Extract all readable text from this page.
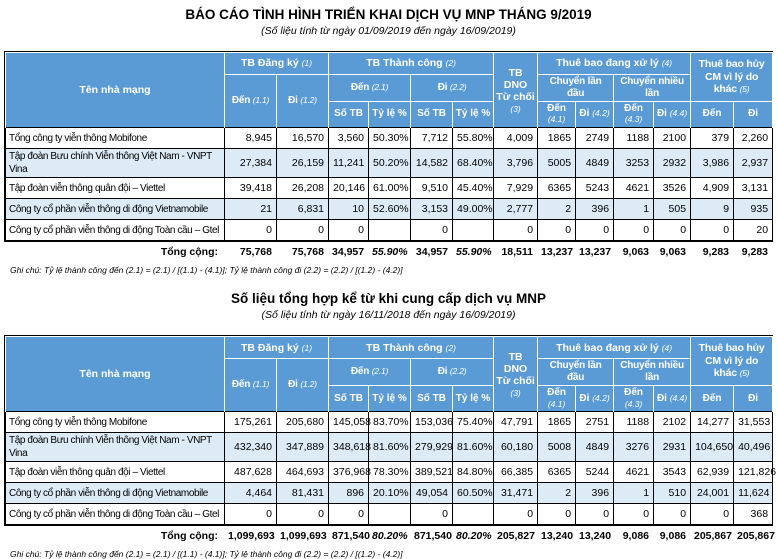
BÁO CÁO TÌNH HÌNH TRIỂN KHAI DỊCH VỤ MNP THÁNG 9/2019
(Số liệu tính từ ngày 01/09/2019 đến ngày 16/09/2019)
Tên nhà mạng	TB Đăng ký (1)		TB Thành công (2)				TB DNO
Từ chối
(3)	Thuê bao đang xử lý (4)				Thuê bao hủy CM vì lý do khác (5)	
	Đến (1.1)	Đi (1.2)	Đến (2.1)		Đi (2.2)			Chuyển lần đầu		Chuyển nhiều lần			
			Số TB	Tỷ lệ %	Số TB	Tỷ lệ %		Đến (4.1)	Đi (4.2)	Đến (4.3)	Đi (4.4)	Đến	Đi
Tổng công ty viễn thông Mobifone	8,945	16,570	3,560	50.30%	7,712	55.80%	4,009	1865	2749	1188	2100	379	2,260
Tập đoàn Bưu chính Viễn thông Việt Nam - VNPT Vina	27,384	26,159	11,241	50.20%	14,582	68.40%	3,796	5005	4849	3253	2932	3,986	2,937
Tập đoàn viễn thông quân đội – Viettel	39,418	26,208	20,146	61.00%	9,510	45.40%	7,929	6365	5243	4621	3526	4,909	3,131
Công ty cổ phần viễn thông di động Vietnamobile	21	6,831	10	52.60%	3,153	49.00%	2,777	2	396	1	505	9	935
Công ty cổ phần viễn thông di động Toàn cầu – Gtel	0	0	0		0		0	0	0	0	0	0	20
Tổng cộng:	75,768	75,768	34,957	55.90%	34,957	55.90%	18,511	13,237	13,237	9,063	9,063	9,283	9,283
Ghi chú: Tỷ lệ thành công đến (2.1) = (2.1) / [(1.1) - (4.1)]; Tỷ lệ thành công đi (2.2) = (2.2) / [(1.2) - (4.2)]
Số liệu tổng hợp kể từ khi cung cấp dịch vụ MNP
(Số liệu tính từ ngày 16/11/2018 đến ngày 16/09/2019)
Tên nhà mạng	TB Đăng ký (1)		TB Thành công (2)				TB DNO
Từ chối
(3)	Thuê bao đang xử lý (4)				Thuê bao hủy CM vì lý do khác (5)	
	Đến (1.1)	Đi (1.2)	Đến (2.1)		Đi (2.2)			Chuyển lần đầu		Chuyển nhiều lần			
			Số TB	Tỷ lệ %	Số TB	Tỷ lệ %		Đến (4.1)	Đi (4.2)	Đến (4.3)	Đi (4.4)	Đến	Đi
Tổng công ty viễn thông Mobifone	175,261	205,680	145,058	83.70%	153,036	75.40%	47,791	1865	2751	1188	2102	14,277	31,553
Tập đoàn Bưu chính Viễn thông Việt Nam - VNPT Vina	432,340	347,889	348,618	81.60%	279,929	81.60%	60,180	5008	4849	3276	2931	104,650	40,496
Tập đoàn viễn thông quân đội – Viettel	487,628	464,693	376,968	78.30%	389,521	84.80%	66,385	6365	5244	4621	3543	62,939	121,826
Công ty cổ phần viễn thông di động Vietnamobile	4,464	81,431	896	20.10%	49,054	60.50%	31,471	2	396	1	510	24,001	11,624
Công ty cổ phần viễn thông di động Toàn cầu – Gtel	0	0	0		0		0	0	0	0	0	0	368
Tổng cộng:	1,099,693	1,099,693	871,540	80.20%	871,540	80.20%	205,827	13,240	13,240	9,086	9,086	205,867	205,867
Ghi chú: Tỷ lệ thành công đến (2.1) = (2.1) / [(1.1) - (4.1)]; Tỷ lệ thành công đi (2.2) = (2.2) / [(1.2) - (4.2)]
